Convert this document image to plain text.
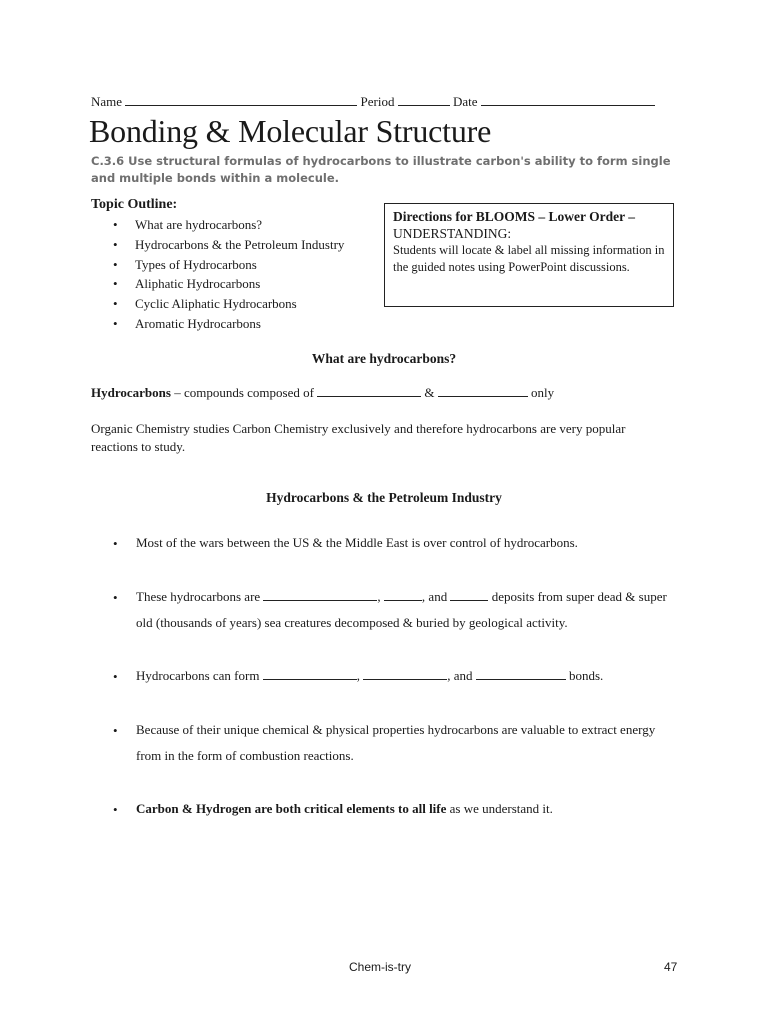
Name	Period	Date
Bonding & Molecular Structure
C.3.6 Use structural formulas of hydrocarbons to illustrate carbon's ability to form single and multiple bonds within a molecule.
Topic Outline:
• What are hydrocarbons?
• Hydrocarbons & the Petroleum Industry
• Types of Hydrocarbons
• Aliphatic Hydrocarbons
• Cyclic Aliphatic Hydrocarbons
• Aromatic Hydrocarbons
Directions for BLOOMS – Lower Order –
UNDERSTANDING:
Students will locate & label all missing information in the guided notes using PowerPoint discussions.
What are hydrocarbons?
Hydrocarbons – compounds composed of	&	only
Organic Chemistry studies Carbon Chemistry exclusively and therefore hydrocarbons are very popular reactions to study.
Hydrocarbons & the Petroleum Industry
• Most of the wars between the US & the Middle East is over control of hydrocarbons.
• These hydrocarbons are	,	, and	deposits from super dead & super old (thousands of years) sea creatures decomposed & buried by geological activity.
• Hydrocarbons can form	,	, and	bonds.
• Because of their unique chemical & physical properties hydrocarbons are valuable to extract energy from in the form of combustion reactions.
• Carbon & Hydrogen are both critical elements to all life as we understand it.
Chem-is-try	47
